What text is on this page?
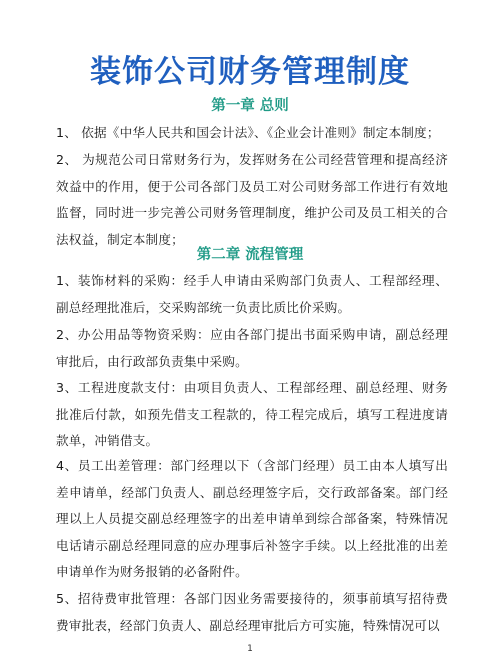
装饰公司财务管理制度
第一章 总则
1、 依据《中华人民共和国会计法》、《企业会计准则》制定本制度；
2、 为规范公司日常财务行为，发挥财务在公司经营管理和提高经济效益中的作用，便于公司各部门及员工对公司财务部工作进行有效地监督，同时进一步完善公司财务管理制度，维护公司及员工相关的合法权益，制定本制度；
第二章 流程管理
1、装饰材料的采购：经手人申请由采购部门负责人、工程部经理、副总经理批准后，交采购部统一负责比质比价采购。
2、办公用品等物资采购：应由各部门提出书面采购申请，副总经理审批后，由行政部负责集中采购。
3、工程进度款支付：由项目负责人、工程部经理、副总经理、财务批准后付款，如预先借支工程款的，待工程完成后，填写工程进度请款单，冲销借支。
4、员工出差管理：部门经理以下（含部门经理）员工由本人填写出差申请单，经部门负责人、副总经理签字后，交行政部备案。部门经理以上人员提交副总经理签字的出差申请单到综合部备案，特殊情况电话请示副总经理同意的应办理事后补签字手续。以上经批准的出差申请单作为财务报销的必备附件。
5、招待费审批管理：各部门因业务需要接待的，须事前填写招待费费审批表，经部门负责人、副总经理审批后方可实施，特殊情况可以
1
